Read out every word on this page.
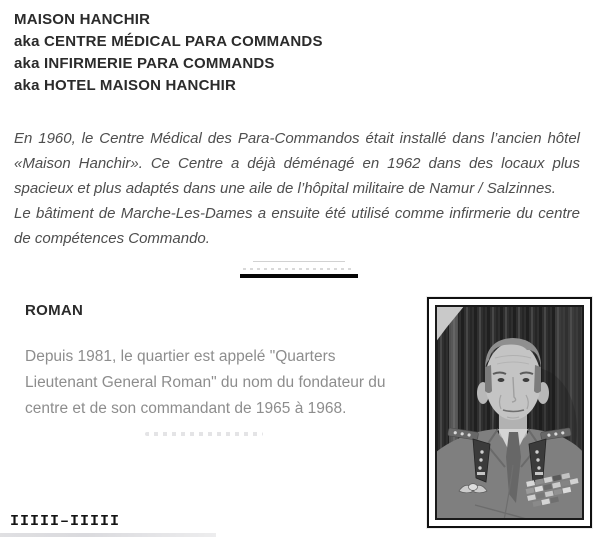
MAISON HANCHIR
aka CENTRE MÉDICAL PARA COMMANDS
aka INFIRMERIE PARA COMMANDS
aka HOTEL MAISON HANCHIR

En 1960, le Centre Médical des Para-Commandos était installé dans l’ancien hôtel «Maison Hanchir». Ce Centre a déjà déménagé en 1962 dans des locaux plus spacieux et plus adaptés dans une aile de l’hôpital militaire de Namur / Salzinnes.

Le bâtiment de Marche-Les-Dames a ensuite été utilisé comme infirmerie du centre de compétences Commando.

ROMAN
Depuis 1981, le quartier est appelé "Quarters Lieutenant General Roman" du nom du fondateur du centre et de son commandant de 1965 à 1968.
IIIII–IIIII
